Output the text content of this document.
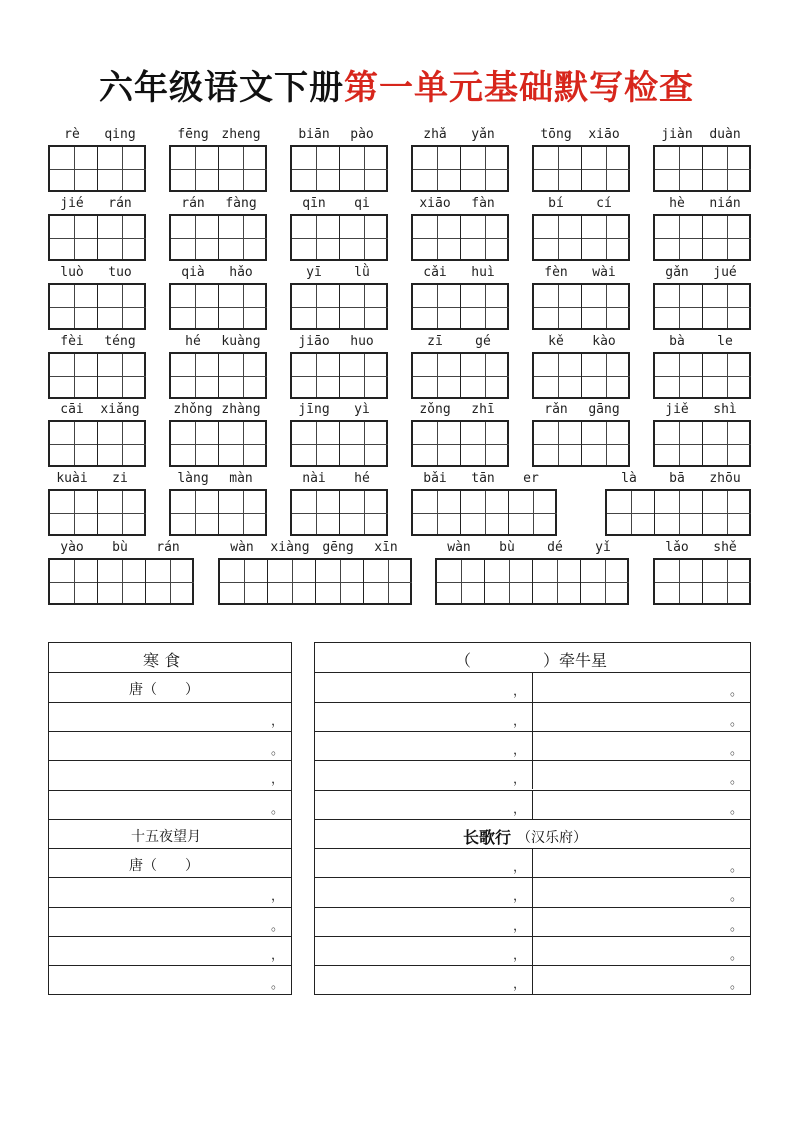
六年级语文下册第一单元基础默写检查
rè	qing	fēng zheng	biān	pào	zhǎ	yǎn	tōng	xiāo	jiàn	duàn
jié	rán	rán	fàng	qīn	qi	xiāo	fàn	bí	cí	hè	nián
luò	tuo	qià	hǎo	yī	lǜ	cǎi	huì	fèn	wài	gǎn	jué
fèi	téng	hé	kuàng	jiāo	huo	zī	gé	kě	kào	bà	le
cāi	xiǎng	zhǒng zhàng	jīng	yì	zǒng	zhī	rǎn	gāng	jiě	shì
kuài	zi	làng	màn	nài	hé	bǎi	tān	er	là	bā	zhōu
yào	bù	rán	wàn	xiàng gēng	xīn	wàn	bù	dé	yǐ	lǎo	shě
寒 食
唐（　　）
，
。
，
。
十五夜望月
唐（　　）
，
。
，
。
（	）牵牛星
，	。
，	。
，	。
，	。
，	。
长歌行 （汉乐府）
，	。
，	。
，	。
，	。
，	。
